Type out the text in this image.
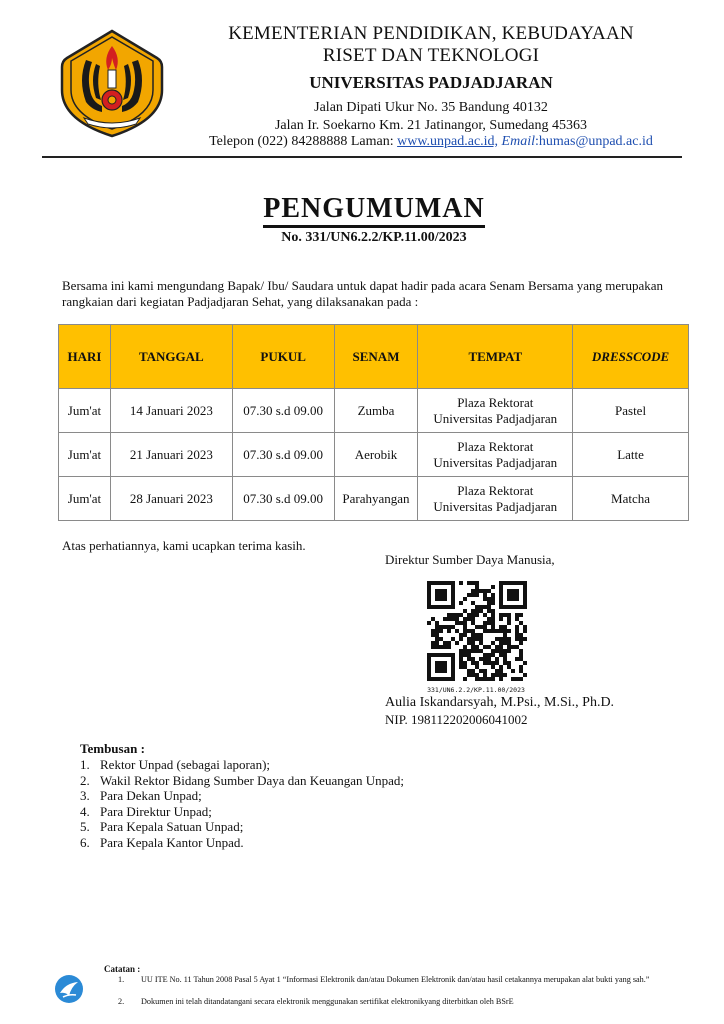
KEMENTERIAN PENDIDIKAN, KEBUDAYAAN
RISET DAN TEKNOLOGI
UNIVERSITAS PADJADJARAN
Jalan Dipati Ukur No. 35 Bandung 40132
Jalan Ir. Soekarno Km. 21 Jatinangor, Sumedang 45363
Telepon (022) 84288888 Laman: www.unpad.ac.id, Email:humas@unpad.ac.id
PENGUMUMAN
No. 331/UN6.2.2/KP.11.00/2023
Bersama ini kami mengundang Bapak/ Ibu/ Saudara untuk dapat hadir pada acara Senam Bersama yang merupakan rangkaian dari kegiatan Padjadjaran Sehat, yang dilaksanakan pada :
HARI	TANGGAL	PUKUL	SENAM	TEMPAT	DRESSCODE
Jum'at	14 Januari 2023	07.30 s.d 09.00	Zumba	Plaza Rektorat
Universitas Padjadjaran	Pastel
Jum'at	21 Januari 2023	07.30 s.d 09.00	Aerobik	Plaza Rektorat
Universitas Padjadjaran	Latte
Jum'at	28 Januari 2023	07.30 s.d 09.00	Parahyangan	Plaza Rektorat
Universitas Padjadjaran	Matcha
Atas perhatiannya, kami ucapkan terima kasih.
Direktur Sumber Daya Manusia,
331/UN6.2.2/KP.11.00/2023
Aulia Iskandarsyah, M.Psi., M.Si., Ph.D.
NIP. 198112202006041002
Tembusan :
1. Rektor Unpad (sebagai laporan);
2. Wakil Rektor Bidang Sumber Daya dan Keuangan Unpad;
3. Para Dekan Unpad;
4. Para Direktur Unpad;
5. Para Kepala Satuan Unpad;
6. Para Kepala Kantor Unpad.
Catatan :
1. UU ITE No. 11 Tahun 2008 Pasal 5 Ayat 1 “Informasi Elektronik dan/atau Dokumen Elektronik dan/atau hasil cetakannya merupakan alat bukti yang sah.”
2. Dokumen ini telah ditandatangani secara elektronik menggunakan sertifikat elektronikyang diterbitkan oleh BSrE
